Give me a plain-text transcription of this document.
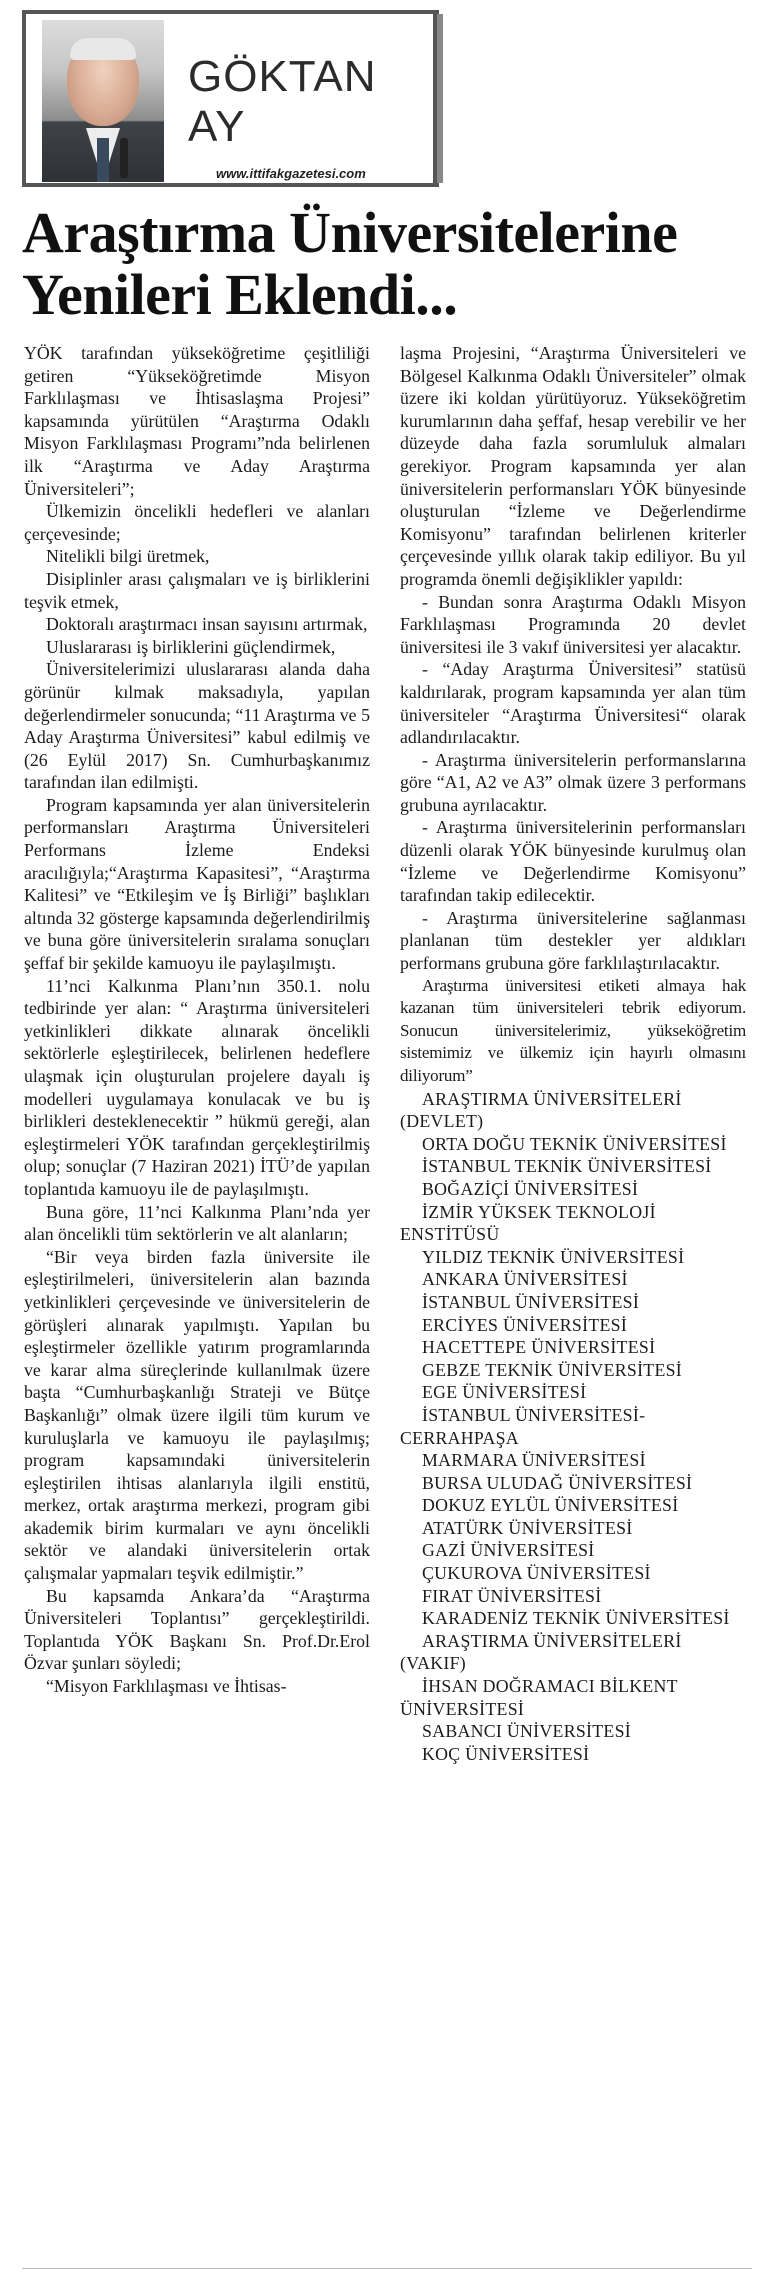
GÖKTAN
AY
www.ittifakgazetesi.com
Araştırma Üniversitelerine
Yenileri Eklendi...

YÖK tarafından yükseköğretime çeşitliliği getiren “Yükseköğretimde Misyon Farklılaşması ve İhtisaslaşma Projesi” kapsamında yürütülen “Araştırma Odaklı Misyon Farklılaşması Programı”nda belirlenen ilk “Araştırma ve Aday Araştırma Üniversiteleri”;

Ülkemizin öncelikli hedefleri ve alanları çerçevesinde;

Nitelikli bilgi üretmek,

Disiplinler arası çalışmaları ve iş birliklerini teşvik etmek,

Doktoralı araştırmacı insan sayısını artırmak,

Uluslararası iş birliklerini güçlendirmek,

Üniversitelerimizi uluslararası alanda daha görünür kılmak maksadıyla, yapılan değerlendirmeler sonucunda; “11 Araştırma ve 5 Aday Araştırma Üniversitesi” kabul edilmiş ve (26 Eylül 2017) Sn. Cumhurbaşkanımız tarafından ilan edilmişti.

Program kapsamında yer alan üniversitelerin performansları Araştırma Üniversiteleri Performans İzleme Endeksi aracılığıyla;“Araştırma Kapasitesi”, “Araştırma Kalitesi” ve “Etkileşim ve İş Birliği” başlıkları altında 32 gösterge kapsamında değerlendirilmiş ve buna göre üniversitelerin sıralama sonuçları şeffaf bir şekilde kamuoyu ile paylaşılmıştı.

11’nci Kalkınma Planı’nın 350.1. nolu tedbirinde yer alan: “ Araştırma üniversiteleri yetkinlikleri dikkate alınarak öncelikli sektörlerle eşleştirilecek, belirlenen hedeflere ulaşmak için oluşturulan projelere dayalı iş modelleri uygulamaya konulacak ve bu iş birlikleri desteklenecektir ” hükmü gereği, alan eşleştirmeleri YÖK tarafından gerçekleştirilmiş olup; sonuçlar (7 Haziran 2021) İTÜ’de yapılan toplantıda kamuoyu ile de paylaşılmıştı.

Buna göre, 11’nci Kalkınma Planı’nda yer alan öncelikli tüm sektörlerin ve alt alanların;

“Bir veya birden fazla üniversite ile eşleştirilmeleri, üniversitelerin alan bazında yetkinlikleri çerçevesinde ve üniversitelerin de görüşleri alınarak yapılmıştı. Yapılan bu eşleştirmeler özellikle yatırım programlarında ve karar alma süreçlerinde kullanılmak üzere başta “Cumhurbaşkanlığı Strateji ve Bütçe Başkanlığı” olmak üzere ilgili tüm kurum ve kuruluşlarla ve kamuoyu ile paylaşılmış; program kapsamındaki üniversitelerin eşleştirilen ihtisas alanlarıyla ilgili enstitü, merkez, ortak araştırma merkezi, program gibi akademik birim kurmaları ve aynı öncelikli sektör ve alandaki üniversitelerin ortak çalışmalar yapmaları teşvik edilmiştir.”

Bu kapsamda Ankara’da “Araştırma Üniversiteleri Toplantısı” gerçekleştirildi. Toplantıda YÖK Başkanı Sn. Prof.Dr.Erol Özvar şunları söyledi;

“Misyon Farklılaşması ve İhtisas-

laşma Projesini, “Araştırma Üniversiteleri ve Bölgesel Kalkınma Odaklı Üniversiteler” olmak üzere iki koldan yürütüyoruz. Yükseköğretim kurumlarının daha şeffaf, hesap verebilir ve her düzeyde daha fazla sorumluluk almaları gerekiyor. Program kapsamında yer alan üniversitelerin performansları YÖK bünyesinde oluşturulan “İzleme ve Değerlendirme Komisyonu” tarafından belirlenen kriterler çerçevesinde yıllık olarak takip ediliyor. Bu yıl programda önemli değişiklikler yapıldı:

- Bundan sonra Araştırma Odaklı Misyon Farklılaşması Programında 20 devlet üniversitesi ile 3 vakıf üniversitesi yer alacaktır.

- “Aday Araştırma Üniversitesi” statüsü kaldırılarak, program kapsamında yer alan tüm üniversiteler “Araştırma Üniversitesi“ olarak adlandırılacaktır.

- Araştırma üniversitelerin performanslarına göre “A1, A2 ve A3” olmak üzere 3 performans grubuna ayrılacaktır.

- Araştırma üniversitelerinin performansları düzenli olarak YÖK bünyesinde kurulmuş olan “İzleme ve Değerlendirme Komisyonu” tarafından takip edilecektir.

- Araştırma üniversitelerine sağlanması planlanan tüm destekler yer aldıkları performans grubuna göre farklılaştırılacaktır.

Araştırma üniversitesi etiketi almaya hak kazanan tüm üniversiteleri tebrik ediyorum. Sonucun üniversitelerimiz, yükseköğretim sistemimiz ve ülkemiz için hayırlı olmasını diliyorum”

ARAŞTIRMA ÜNİVERSİTELERİ (DEVLET)

ORTA DOĞU TEKNİK ÜNİVERSİTESİ

İSTANBUL TEKNİK ÜNİVERSİTESİ

BOĞAZİÇİ ÜNİVERSİTESİ

İZMİR YÜKSEK TEKNOLOJİ ENSTİTÜSÜ

YILDIZ TEKNİK ÜNİVERSİTESİ

ANKARA ÜNİVERSİTESİ

İSTANBUL ÜNİVERSİTESİ

ERCİYES ÜNİVERSİTESİ

HACETTEPE ÜNİVERSİTESİ

GEBZE TEKNİK ÜNİVERSİTESİ

EGE ÜNİVERSİTESİ

İSTANBUL ÜNİVERSİTESİ-CERRAHPAŞA

MARMARA ÜNİVERSİTESİ

BURSA ULUDAĞ ÜNİVERSİTESİ

DOKUZ EYLÜL ÜNİVERSİTESİ

ATATÜRK ÜNİVERSİTESİ

GAZİ ÜNİVERSİTESİ

ÇUKUROVA ÜNİVERSİTESİ

FIRAT ÜNİVERSİTESİ

KARADENİZ TEKNİK ÜNİVERSİTESİ

ARAŞTIRMA ÜNİVERSİTELERİ (VAKIF)

İHSAN DOĞRAMACI BİLKENT ÜNİVERSİTESİ

SABANCI ÜNİVERSİTESİ

KOÇ ÜNİVERSİTESİ
